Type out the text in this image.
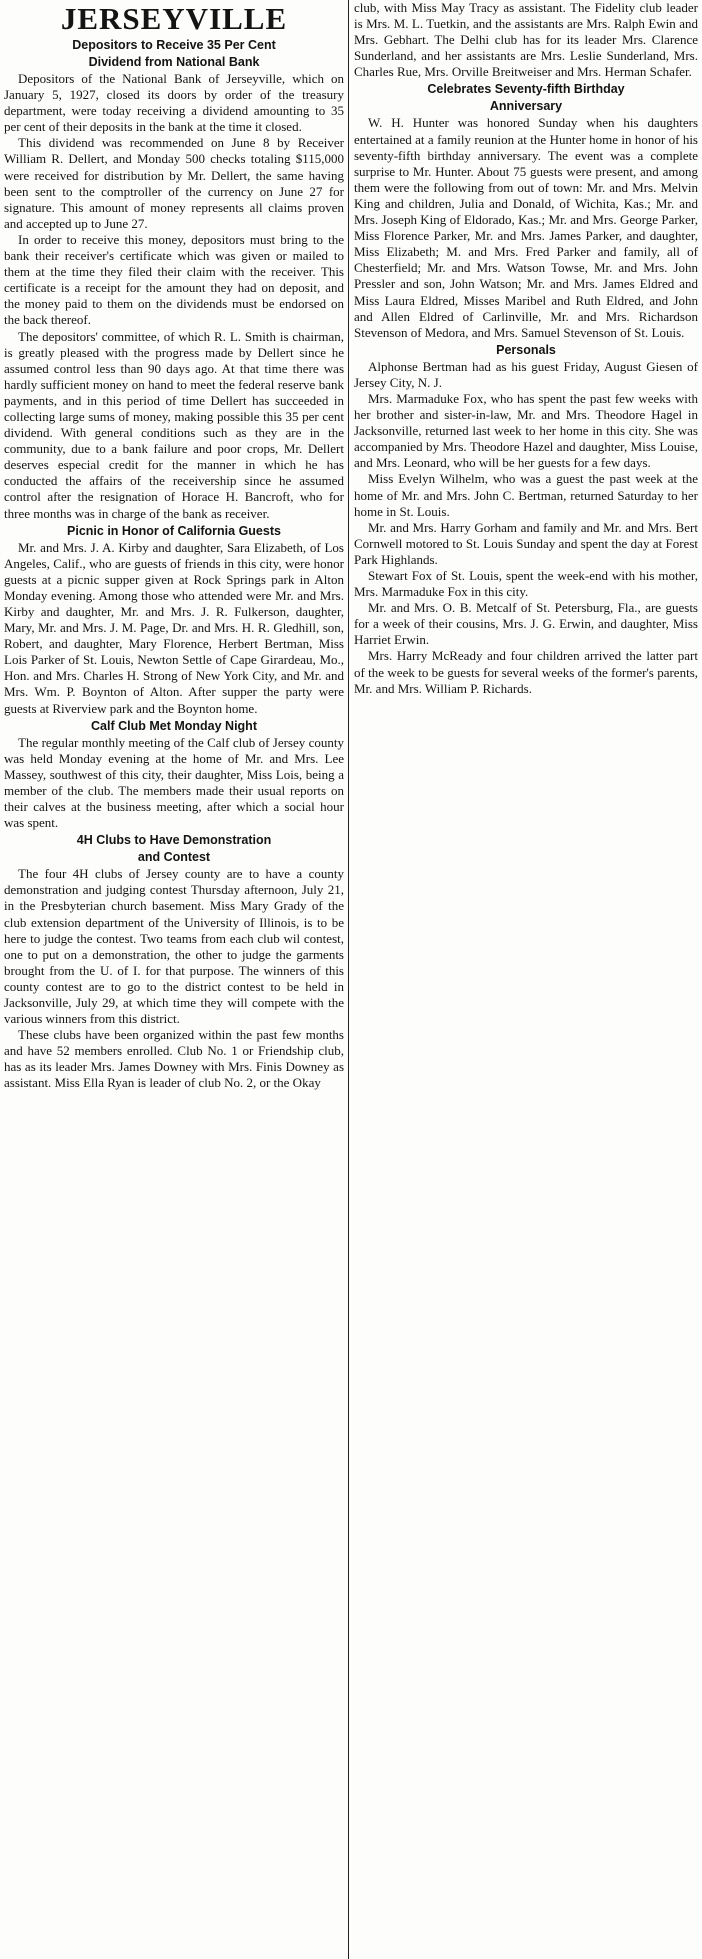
JERSEYVILLE
Depositors to Receive 35 Per Cent
Dividend from National Bank

Depositors of the National Bank of Jerseyville, which on January 5, 1927, closed its doors by order of the treasury department, were today receiving a dividend amounting to 35 per cent of their deposits in the bank at the time it closed.

This dividend was recommended on June 8 by Receiver William R. Dellert, and Monday 500 checks totaling $115,000 were received for distribution by Mr. Dellert, the same having been sent to the comptroller of the currency on June 27 for signature. This amount of money represents all claims proven and accepted up to June 27.

In order to receive this money, depositors must bring to the bank their receiver's certificate which was given or mailed to them at the time they filed their claim with the receiver. This certificate is a receipt for the amount they had on deposit, and the money paid to them on the dividends must be endorsed on the back thereof.

The depositors' committee, of which R. L. Smith is chairman, is greatly pleased with the progress made by Dellert since he assumed control less than 90 days ago. At that time there was hardly sufficient money on hand to meet the federal reserve bank payments, and in this period of time Dellert has succeeded in collecting large sums of money, making possible this 35 per cent dividend. With general conditions such as they are in the community, due to a bank failure and poor crops, Mr. Dellert deserves especial credit for the manner in which he has conducted the affairs of the receivership since he assumed control after the resignation of Horace H. Bancroft, who for three months was in charge of the bank as receiver.

Picnic in Honor of California Guests

Mr. and Mrs. J. A. Kirby and daughter, Sara Elizabeth, of Los Angeles, Calif., who are guests of friends in this city, were honor guests at a picnic supper given at Rock Springs park in Alton Monday evening. Among those who attended were Mr. and Mrs. Kirby and daughter, Mr. and Mrs. J. R. Fulkerson, daughter, Mary, Mr. and Mrs. J. M. Page, Dr. and Mrs. H. R. Gledhill, son, Robert, and daughter, Mary Florence, Herbert Bertman, Miss Lois Parker of St. Louis, Newton Settle of Cape Girardeau, Mo., Hon. and Mrs. Charles H. Strong of New York City, and Mr. and Mrs. Wm. P. Boynton of Alton. After supper the party were guests at Riverview park and the Boynton home.

Calf Club Met Monday Night

The regular monthly meeting of the Calf club of Jersey county was held Monday evening at the home of Mr. and Mrs. Lee Massey, southwest of this city, their daughter, Miss Lois, being a member of the club. The members made their usual reports on their calves at the business meeting, after which a social hour was spent.

4H Clubs to Have Demonstration
and Contest

The four 4H clubs of Jersey county are to have a county demonstration and judging contest Thursday afternoon, July 21, in the Presbyterian church basement. Miss Mary Grady of the club extension department of the University of Illinois, is to be here to judge the contest. Two teams from each club wil contest, one to put on a demonstration, the other to judge the garments brought from the U. of I. for that purpose. The winners of this county contest are to go to the district contest to be held in Jacksonville, July 29, at which time they will compete with the various winners from this district.

These clubs have been organized within the past few months and have 52 members enrolled. Club No. 1 or Friendship club, has as its leader Mrs. James Downey with Mrs. Finis Downey as assistant. Miss Ella Ryan is leader of club No. 2, or the Okay

club, with Miss May Tracy as assistant. The Fidelity club leader is Mrs. M. L. Tuetkin, and the assistants are Mrs. Ralph Ewin and Mrs. Gebhart. The Delhi club has for its leader Mrs. Clarence Sunderland, and her assistants are Mrs. Leslie Sunderland, Mrs. Charles Rue, Mrs. Orville Breitweiser and Mrs. Herman Schafer.

Celebrates Seventy-fifth Birthday
Anniversary

W. H. Hunter was honored Sunday when his daughters entertained at a family reunion at the Hunter home in honor of his seventy-fifth birthday anniversary. The event was a complete surprise to Mr. Hunter. About 75 guests were present, and among them were the following from out of town: Mr. and Mrs. Melvin King and children, Julia and Donald, of Wichita, Kas.; Mr. and Mrs. Joseph King of Eldorado, Kas.; Mr. and Mrs. George Parker, Miss Florence Parker, Mr. and Mrs. James Parker, and daughter, Miss Elizabeth; M. and Mrs. Fred Parker and family, all of Chesterfield; Mr. and Mrs. Watson Towse, Mr. and Mrs. John Pressler and son, John Watson; Mr. and Mrs. James Eldred and Miss Laura Eldred, Misses Maribel and Ruth Eldred, and John and Allen Eldred of Carlinville, Mr. and Mrs. Richardson Stevenson of Medora, and Mrs. Samuel Stevenson of St. Louis.

Personals

Alphonse Bertman had as his guest Friday, August Giesen of Jersey City, N. J.

Mrs. Marmaduke Fox, who has spent the past few weeks with her brother and sister-in-law, Mr. and Mrs. Theodore Hagel in Jacksonville, returned last week to her home in this city. She was accompanied by Mrs. Theodore Hazel and daughter, Miss Louise, and Mrs. Leonard, who will be her guests for a few days.

Miss Evelyn Wilhelm, who was a guest the past week at the home of Mr. and Mrs. John C. Bertman, returned Saturday to her home in St. Louis.

Mr. and Mrs. Harry Gorham and family and Mr. and Mrs. Bert Cornwell motored to St. Louis Sunday and spent the day at Forest Park Highlands.

Stewart Fox of St. Louis, spent the week-end with his mother, Mrs. Marmaduke Fox in this city.

Mr. and Mrs. O. B. Metcalf of St. Petersburg, Fla., are guests for a week of their cousins, Mrs. J. G. Erwin, and daughter, Miss Harriet Erwin.

Mrs. Harry McReady and four children arrived the latter part of the week to be guests for several weeks of the former's parents, Mr. and Mrs. William P. Richards.
